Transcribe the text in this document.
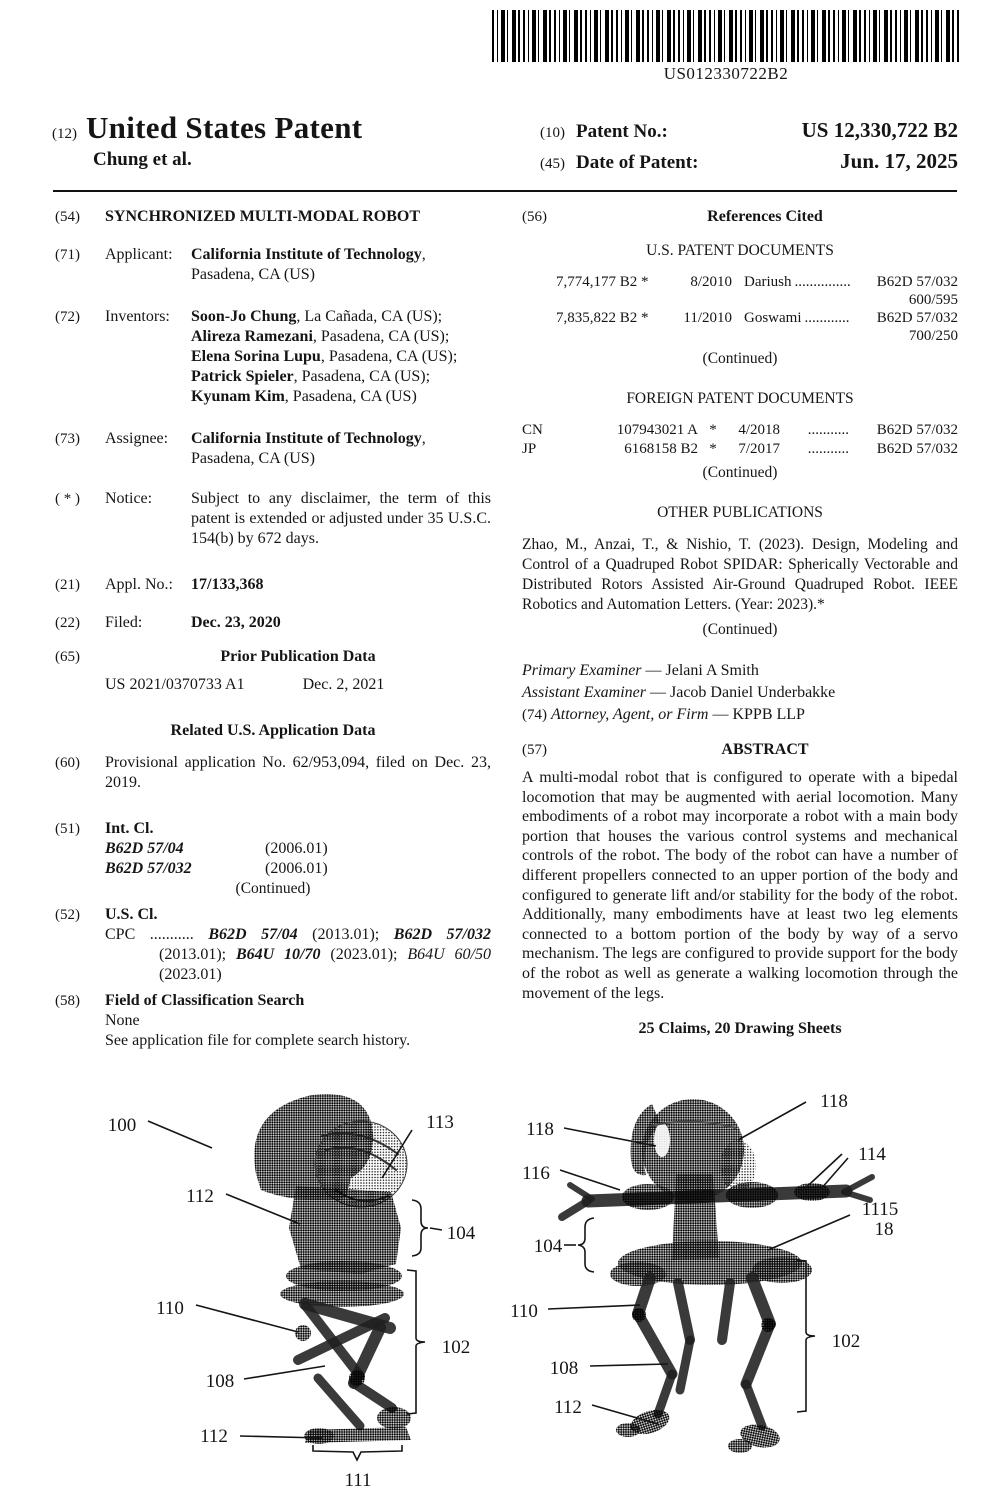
US012330722B2
(12) United States Patent
Chung et al.
(10) Patent No.:	US 12,330,722 B2
(45) Date of Patent:	Jun. 17, 2025
(54)	SYNCHRONIZED MULTI-MODAL ROBOT
(71)	Applicant:	California Institute of Technology, Pasadena, CA (US)
(72)	Inventors:	Soon-Jo Chung, La Cañada, CA (US); Alireza Ramezani, Pasadena, CA (US); Elena Sorina Lupu, Pasadena, CA (US); Patrick Spieler, Pasadena, CA (US); Kyunam Kim, Pasadena, CA (US)
(73)	Assignee:	California Institute of Technology, Pasadena, CA (US)
( * )	Notice:	Subject to any disclaimer, the term of this patent is extended or adjusted under 35 U.S.C. 154(b) by 672 days.
(21)	Appl. No.:	17/133,368
(22)	Filed:	Dec. 23, 2020
(65)	Prior Publication Data
US 2021/0370733 A1	Dec. 2, 2021
Related U.S. Application Data
(60)	Provisional application No. 62/953,094, filed on Dec. 23, 2019.
(51)	Int. Cl.
B62D 57/04	(2006.01)
B62D 57/032	(2006.01)
(Continued)
(52)	U.S. Cl.
CPC ........... B62D 57/04 (2013.01); B62D 57/032 (2013.01); B64U 10/70 (2023.01); B64U 60/50 (2023.01)
(58)	Field of Classification Search
None
See application file for complete search history.
(56)	References Cited
U.S. PATENT DOCUMENTS
7,774,177 B2 *	8/2010 Dariush ...............	B62D 57/032
600/595
7,835,822 B2 *	11/2010 Goswami ............	B62D 57/032
700/250
(Continued)
FOREIGN PATENT DOCUMENTS
CN	107943021 A *	4/2018	...........	B62D 57/032
JP	6168158 B2 *	7/2017	...........	B62D 57/032
(Continued)
OTHER PUBLICATIONS
Zhao, M., Anzai, T., & Nishio, T. (2023). Design, Modeling and Control of a Quadruped Robot SPIDAR: Spherically Vectorable and Distributed Rotors Assisted Air-Ground Quadruped Robot. IEEE Robotics and Automation Letters. (Year: 2023).*
(Continued)
Primary Examiner — Jelani A Smith
Assistant Examiner — Jacob Daniel Underbakke
(74) Attorney, Agent, or Firm — KPPB LLP
(57)	ABSTRACT
A multi-modal robot that is configured to operate with a bipedal locomotion that may be augmented with aerial locomotion. Many embodiments of a robot may incorporate a robot with a main body portion that houses the various control systems and mechanical controls of the robot. The body of the robot can have a number of different propellers connected to an upper portion of the body and configured to generate lift and/or stability for the body of the robot. Additionally, many embodiments have at least two leg elements connected to a bottom portion of the body by way of a servo mechanism. The legs are configured to provide support for the body of the robot as well as generate a walking locomotion through the movement of the legs.
25 Claims, 20 Drawing Sheets
100	113
112
104
110
102
108
112
111
118
118
116
114
1115
18
104
110
102
108
112
